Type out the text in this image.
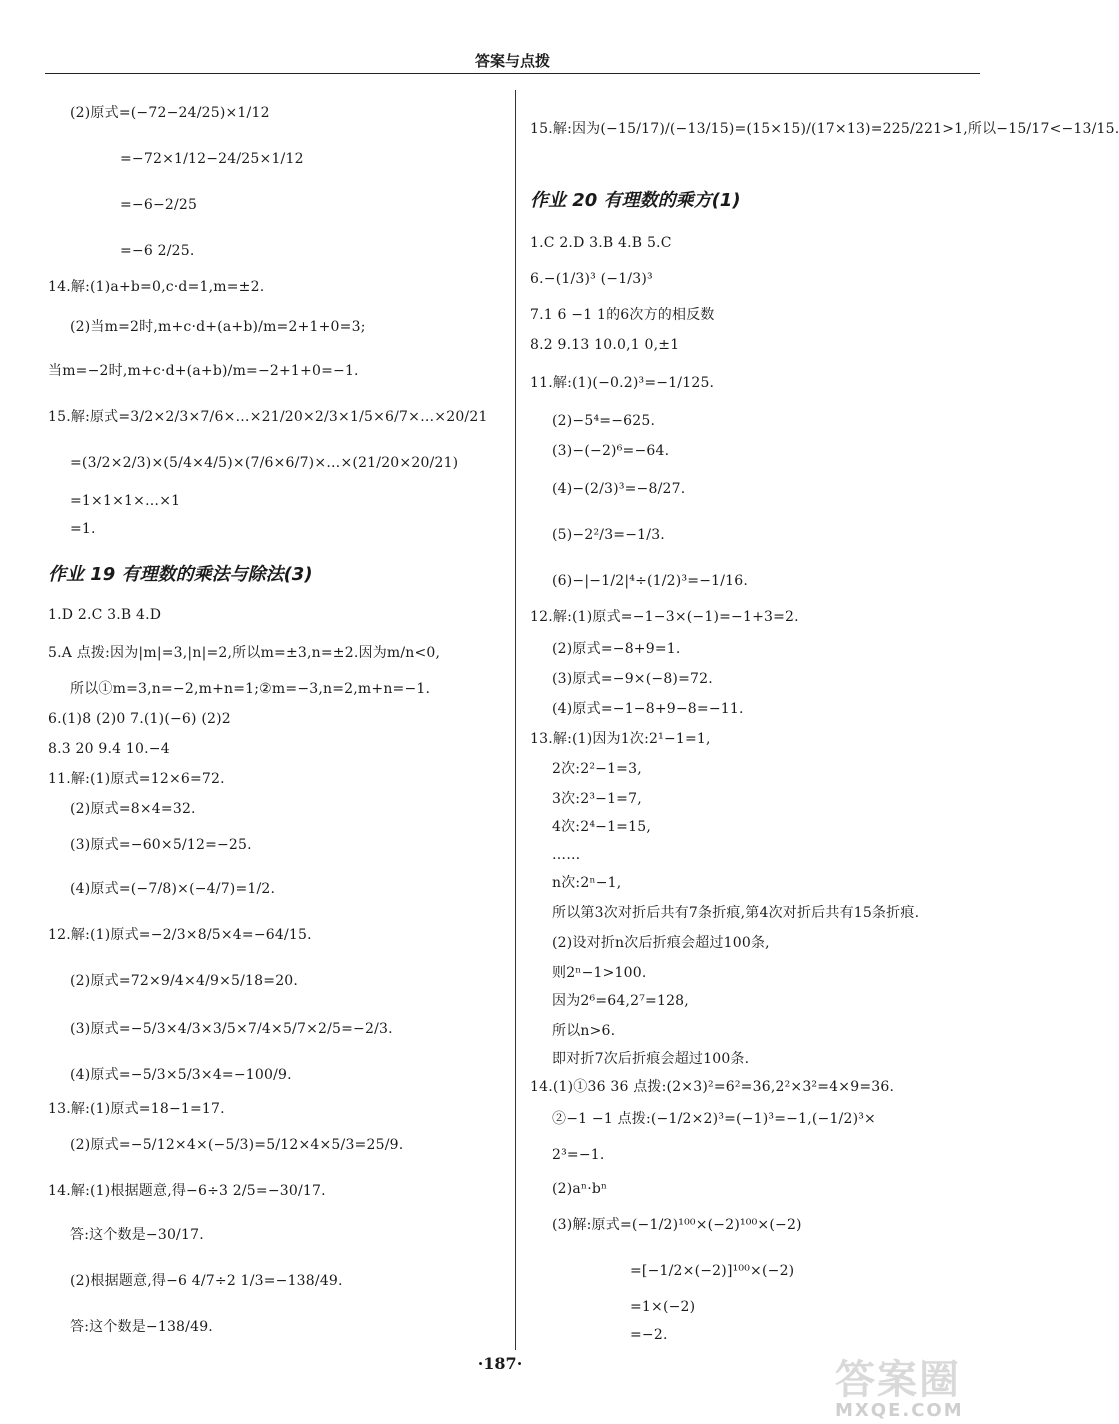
答案与点拨
(2)原式=(−72−24/25)×1/12
=−72×1/12−24/25×1/12
=−6−2/25
=−6 2/25.
14.解:(1)a+b=0,c·d=1,m=±2.
(2)当m=2时,m+c·d+(a+b)/m=2+1+0=3;
当m=−2时,m+c·d+(a+b)/m=−2+1+0=−1.
15.解:原式=3/2×2/3×7/6×…×21/20×2/3×1/5×6/7×…×20/21
=(3/2×2/3)×(5/4×4/5)×(7/6×6/7)×…×(21/20×20/21)
=1×1×1×…×1
=1.
1.D 2.C 3.B 4.D
5.A 点拨:因为|m|=3,|n|=2,所以m=±3,n=±2.因为m/n<0,
所以①m=3,n=−2,m+n=1;②m=−3,n=2,m+n=−1.
6.(1)8 (2)0 7.(1)(−6) (2)2
8.3 20 9.4 10.−4
11.解:(1)原式=12×6=72.
(2)原式=8×4=32.
(3)原式=−60×5/12=−25.
(4)原式=(−7/8)×(−4/7)=1/2.
12.解:(1)原式=−2/3×8/5×4=−64/15.
(2)原式=72×9/4×4/9×5/18=20.
(3)原式=−5/3×4/3×3/5×7/4×5/7×2/5=−2/3.
(4)原式=−5/3×5/3×4=−100/9.
13.解:(1)原式=18−1=17.
(2)原式=−5/12×4×(−5/3)=5/12×4×5/3=25/9.
14.解:(1)根据题意,得−6÷3 2/5=−30/17.
答:这个数是−30/17.
(2)根据题意,得−6 4/7÷2 1/3=−138/49.
答:这个数是−138/49.
作业 19 有理数的乘法与除法(3)
15.解:因为(−15/17)/(−13/15)=(15×15)/(17×13)=225/221>1,所以−15/17<−13/15.
1.C 2.D 3.B 4.B 5.C
6.−(1/3)³ (−1/3)³
7.1 6 −1 1的6次方的相反数
8.2 9.13 10.0,1 0,±1
11.解:(1)(−0.2)³=−1/125.
(2)−5⁴=−625.
(3)−(−2)⁶=−64.
(4)−(2/3)³=−8/27.
(5)−2²/3=−1/3.
(6)−|−1/2|⁴÷(1/2)³=−1/16.
12.解:(1)原式=−1−3×(−1)=−1+3=2.
(2)原式=−8+9=1.
(3)原式=−9×(−8)=72.
(4)原式=−1−8+9−8=−11.
13.解:(1)因为1次:2¹−1=1,
2次:2²−1=3,
3次:2³−1=7,
4次:2⁴−1=15,
……
n次:2ⁿ−1,
所以第3次对折后共有7条折痕,第4次对折后共有15条折痕.
(2)设对折n次后折痕会超过100条,
则2ⁿ−1>100.
因为2⁶=64,2⁷=128,
所以n>6.
即对折7次后折痕会超过100条.
14.(1)①36 36 点拨:(2×3)²=6²=36,2²×3²=4×9=36.
②−1 −1 点拨:(−1/2×2)³=(−1)³=−1,(−1/2)³×
2³=−1.
(2)aⁿ·bⁿ
(3)解:原式=(−1/2)¹⁰⁰×(−2)¹⁰⁰×(−2)
=[−1/2×(−2)]¹⁰⁰×(−2)
=1×(−2)
=−2.
作业 20 有理数的乘方(1)
·187·	答案圈
MXQE.COM
